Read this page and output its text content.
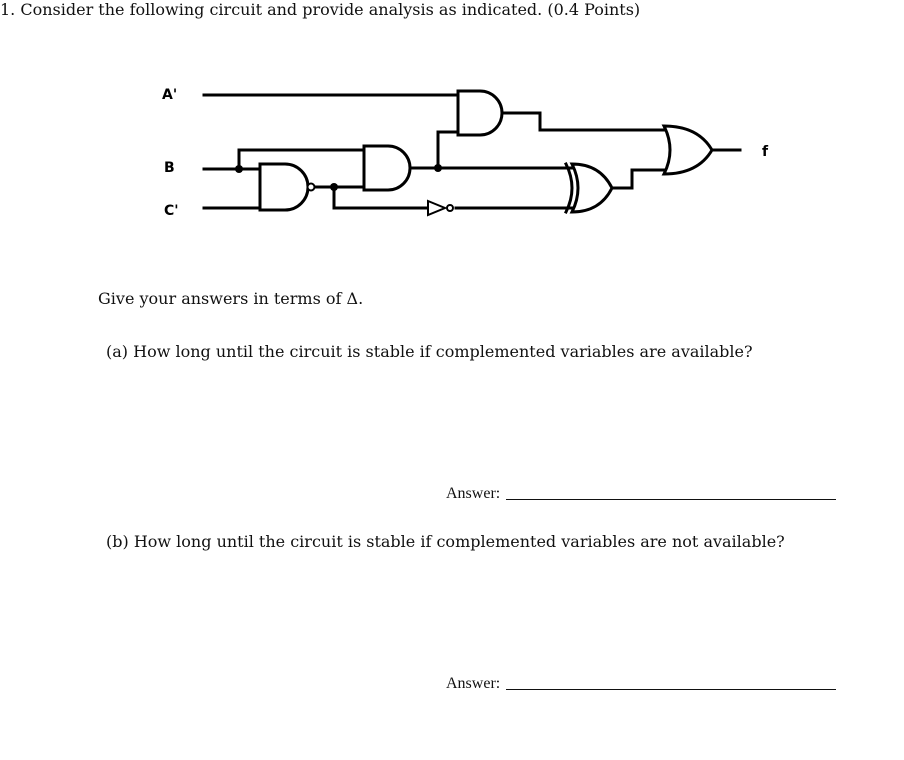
1. Consider the following circuit and provide analysis as indicated. (0.4 Points)
A'
B
C'
f
Give your answers in terms of Δ.
(a) How long until the circuit is stable if complemented variables are available?
Answer:
(b) How long until the circuit is stable if complemented variables are not available?
Answer:
